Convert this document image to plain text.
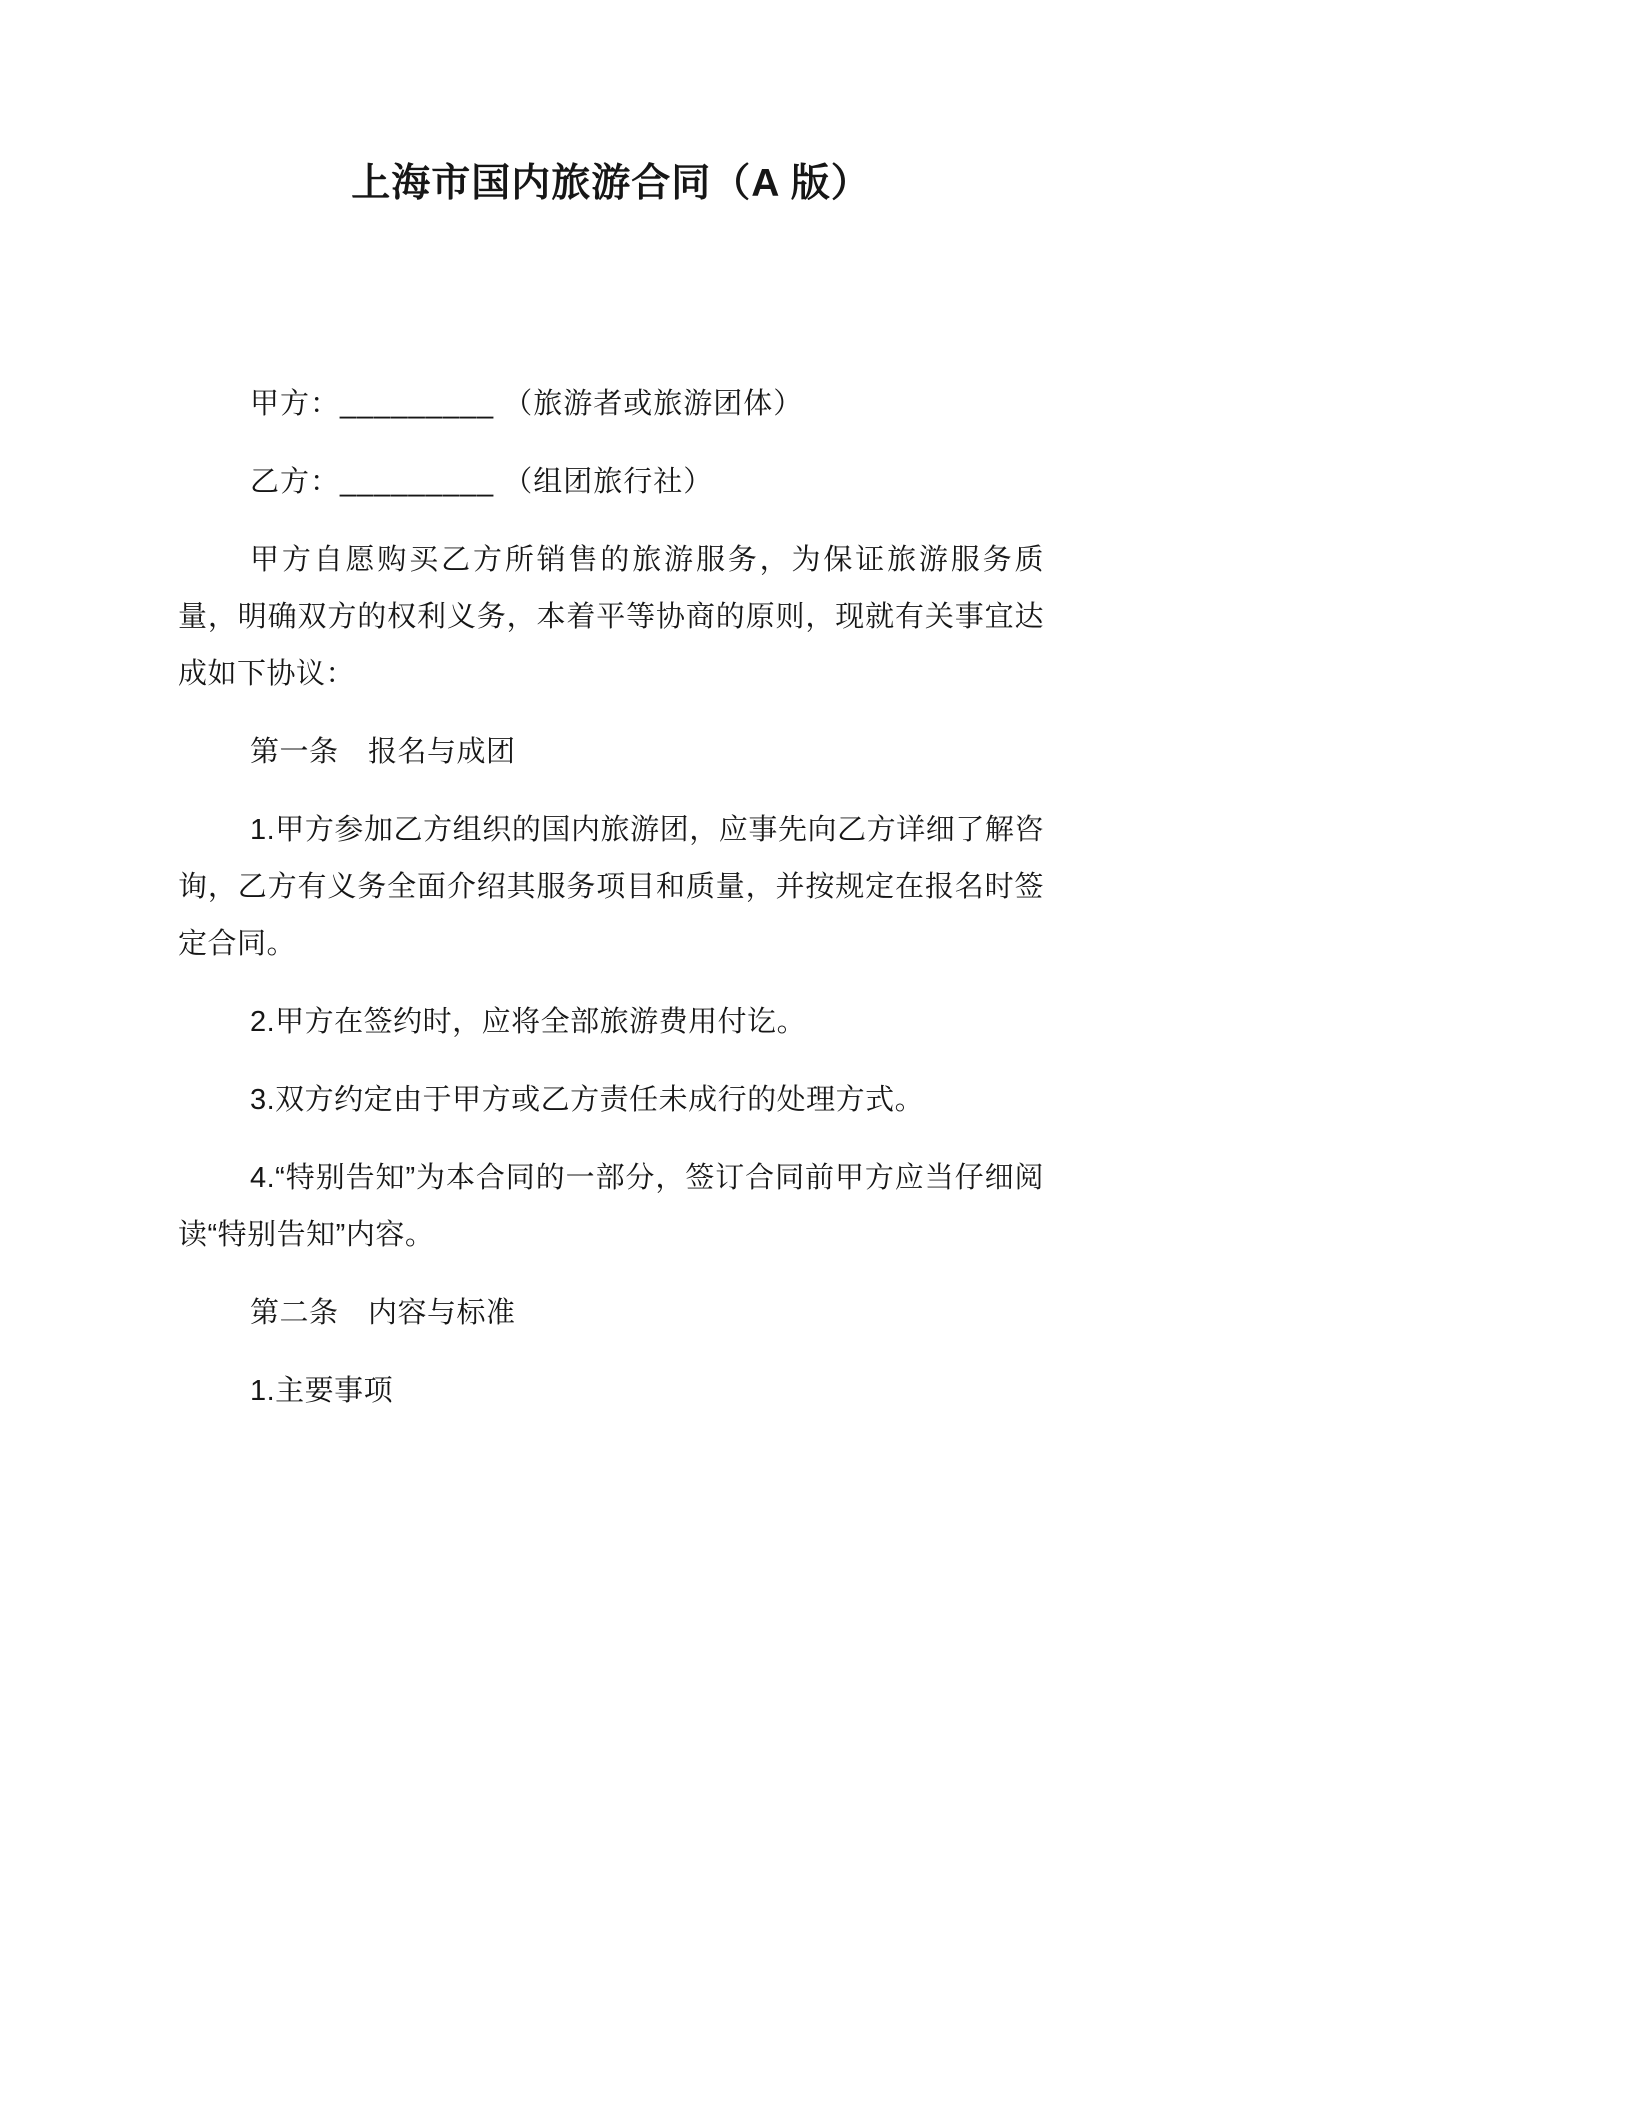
上海市国内旅游合同（A 版）

甲方：_________ （旅游者或旅游团体）

乙方：_________ （组团旅行社）

甲方自愿购买乙方所销售的旅游服务，为保证旅游服务质量，明确双方的权利义务，本着平等协商的原则，现就有关事宜达成如下协议：

第一条　报名与成团

1.甲方参加乙方组织的国内旅游团，应事先向乙方详细了解咨询，乙方有义务全面介绍其服务项目和质量，并按规定在报名时签定合同。

2.甲方在签约时，应将全部旅游费用付讫。

3.双方约定由于甲方或乙方责任未成行的处理方式。

4.“特别告知”为本合同的一部分，签订合同前甲方应当仔细阅读“特别告知”内容。

第二条　内容与标准

1.主要事项
